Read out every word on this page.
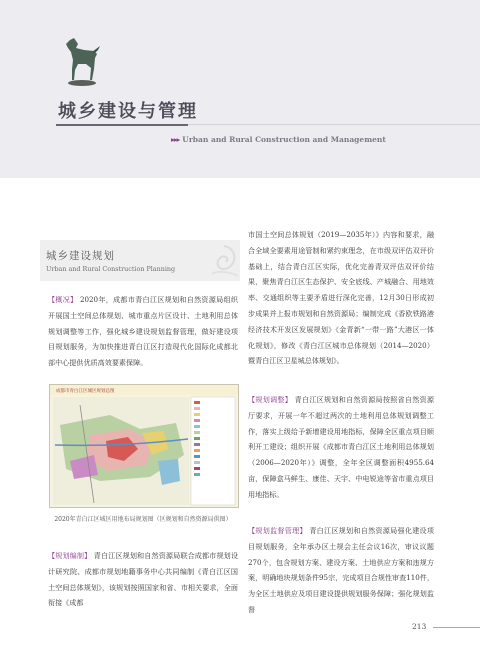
城乡建设与管理
▸▸▸ Urban and Rural Construction and Management
城乡建设规划
Urban and Rural Construction Planning

【概况】 2020年，成都市青白江区规划和自然资源局组织开展国土空间总体规划、城市重点片区设计、土地利用总体规划调整等工作，强化城乡建设规划监督管理，做好建设项目规划服务，为加快推进青白江区打造现代化国际化成都北部中心提供优质高效要素保障。

成都市青白江区城区规划总图
2020年青白江区城区用地布局规划图（区规划和自然资源局供图）

【规划编制】 青白江区规划和自然资源局联合成都市规划设计研究院、成都市规划地籍事务中心共同编制《青白江区国土空间总体规划》，该规划按照国家和省、市相关要求，全面衔接《成都

市国土空间总体规划（2019—2035年）》内容和要求，融合全域全要素用途管制和紧约束理念，在市级双评估双评价基础上，结合青白江区实际，优化完善青双评估双评价结果，聚焦青白江区生态保护、安全底线、产城融合、用地效率、交通组织等主要矛盾进行深化完善，12月30日形成初步成果并上报市规划和自然资源局；编制完成《香欧铁路港经济技术开发区发展规划》《金青新“一带一路”大港区一体化规划》，修改《青白江区城市总体规划（2014—2020）暨青白江区卫星城总体规划》。

【规划调整】 青白江区规划和自然资源局按照省自然资源厅要求，开展一年不超过两次的土地利用总体规划调整工作，落实上级给予新增建设用地指标，保障全区重点项目顺利开工建设；组织开展《成都市青白江区土地利用总体规划（2006—2020年）》调整，全年全区调整面积4955.64亩，保障盒马鲜生、康佳、天宇、中电锐途等省市重点项目用地指标。

【规划监督管理】 青白江区规划和自然资源局强化建设项目规划服务，全年承办区土规会主任会议16次，审议议题270个，包含规划方案、建设方案、土地供应方案和违规方案，明确地块规划条件95宗，完成项目合规性审查110件，为全区土地供应及项目建设提供规划服务保障；强化规划监督

213
